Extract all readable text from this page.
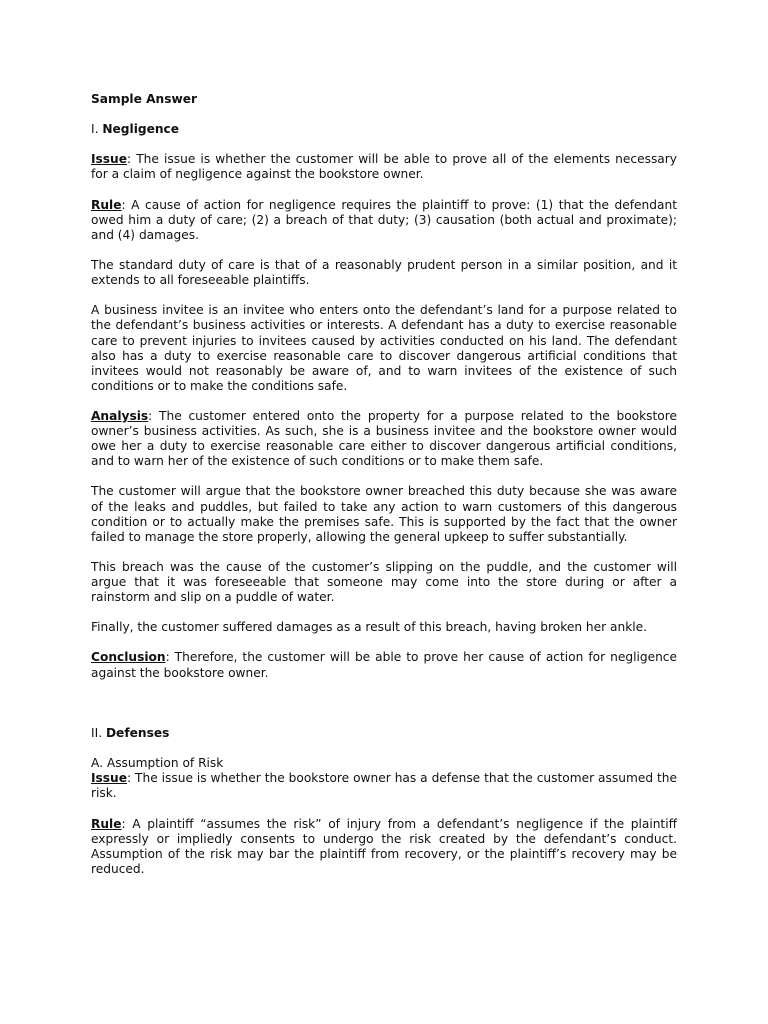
Sample Answer

I. Negligence

Issue: The issue is whether the customer will be able to prove all of the elements necessary for a claim of negligence against the bookstore owner.

Rule: A cause of action for negligence requires the plaintiff to prove: (1) that the defendant owed him a duty of care; (2) a breach of that duty; (3) causation (both actual and proximate); and (4) damages.

The standard duty of care is that of a reasonably prudent person in a similar position, and it extends to all foreseeable plaintiffs.

A business invitee is an invitee who enters onto the defendant’s land for a purpose related to the defendant’s business activities or interests. A defendant has a duty to exercise reasonable care to prevent injuries to invitees caused by activities conducted on his land. The defendant also has a duty to exercise reasonable care to discover dangerous artificial conditions that invitees would not reasonably be aware of, and to warn invitees of the existence of such conditions or to make the conditions safe.

Analysis: The customer entered onto the property for a purpose related to the bookstore owner’s business activities. As such, she is a business invitee and the bookstore owner would owe her a duty to exercise reasonable care either to discover dangerous artificial conditions, and to warn her of the existence of such conditions or to make them safe.

The customer will argue that the bookstore owner breached this duty because she was aware of the leaks and puddles, but failed to take any action to warn customers of this dangerous condition or to actually make the premises safe. This is supported by the fact that the owner failed to manage the store properly, allowing the general upkeep to suffer substantially.

This breach was the cause of the customer’s slipping on the puddle, and the customer will argue that it was foreseeable that someone may come into the store during or after a rainstorm and slip on a puddle of water.

Finally, the customer suffered damages as a result of this breach, having broken her ankle.

Conclusion: Therefore, the customer will be able to prove her cause of action for negligence against the bookstore owner.

II. Defenses

A. Assumption of Risk

Issue: The issue is whether the bookstore owner has a defense that the customer assumed the risk.

Rule: A plaintiff “assumes the risk” of injury from a defendant’s negligence if the plaintiff expressly or impliedly consents to undergo the risk created by the defendant’s conduct. Assumption of the risk may bar the plaintiff from recovery, or the plaintiff’s recovery may be reduced.
